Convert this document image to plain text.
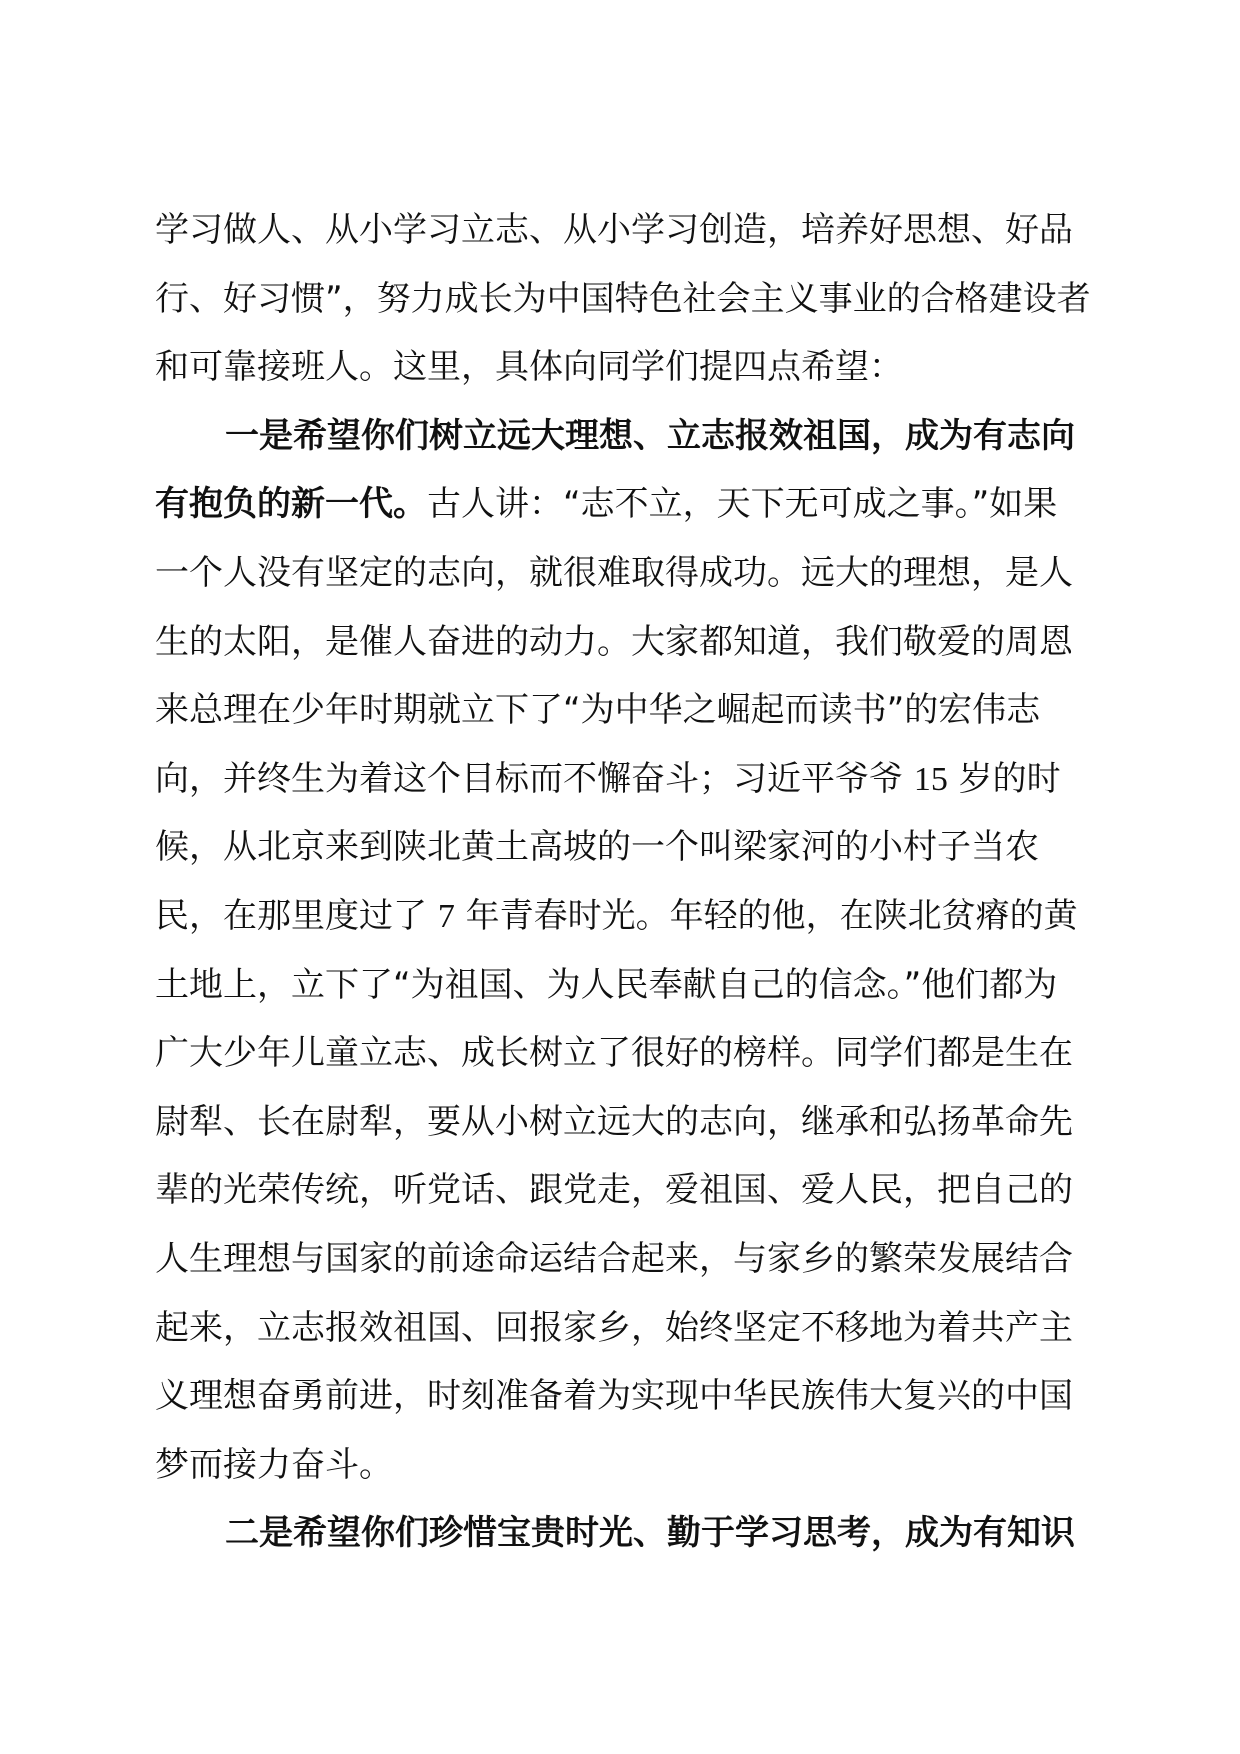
学习做人、从小学习立志、从小学习创造，培养好思想、好品
行、好习惯”，努力成长为中国特色社会主义事业的合格建设者
和可靠接班人。这里，具体向同学们提四点希望：
一是希望你们树立远大理想、立志报效祖国，成为有志向
有抱负的新一代。古人讲：“志不立，天下无可成之事。”如果
一个人没有坚定的志向，就很难取得成功。远大的理想，是人
生的太阳，是催人奋进的动力。大家都知道，我们敬爱的周恩
来总理在少年时期就立下了“为中华之崛起而读书”的宏伟志
向，并终生为着这个目标而不懈奋斗；习近平爷爷 15 岁的时
候，从北京来到陕北黄土高坡的一个叫梁家河的小村子当农
民，在那里度过了 7 年青春时光。年轻的他，在陕北贫瘠的黄
土地上，立下了“为祖国、为人民奉献自己的信念。”他们都为
广大少年儿童立志、成长树立了很好的榜样。同学们都是生在
尉犁、长在尉犁，要从小树立远大的志向，继承和弘扬革命先
辈的光荣传统，听党话、跟党走，爱祖国、爱人民，把自己的
人生理想与国家的前途命运结合起来，与家乡的繁荣发展结合
起来，立志报效祖国、回报家乡，始终坚定不移地为着共产主
义理想奋勇前进，时刻准备着为实现中华民族伟大复兴的中国
梦而接力奋斗。
二是希望你们珍惜宝贵时光、勤于学习思考，成为有知识
